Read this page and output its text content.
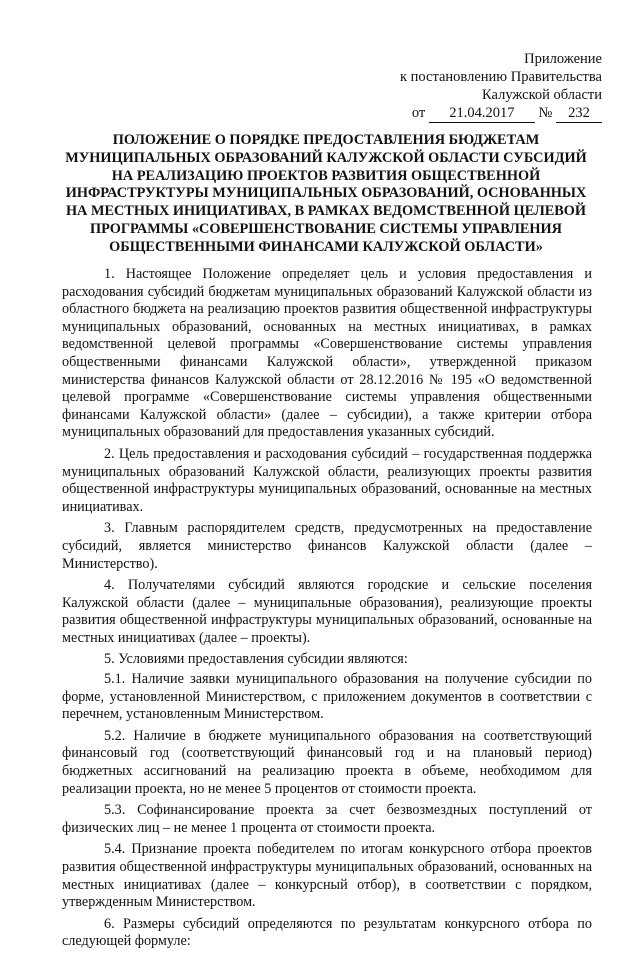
Приложение
к постановлению Правительства
Калужской области
от 21.04.2017 № 232
ПОЛОЖЕНИЕ О ПОРЯДКЕ ПРЕДОСТАВЛЕНИЯ БЮДЖЕТАМ
МУНИЦИПАЛЬНЫХ ОБРАЗОВАНИЙ КАЛУЖСКОЙ ОБЛАСТИ СУБСИДИЙ
НА РЕАЛИЗАЦИЮ ПРОЕКТОВ РАЗВИТИЯ ОБЩЕСТВЕННОЙ
ИНФРАСТРУКТУРЫ МУНИЦИПАЛЬНЫХ ОБРАЗОВАНИЙ, ОСНОВАННЫХ
НА МЕСТНЫХ ИНИЦИАТИВАХ, В РАМКАХ ВЕДОМСТВЕННОЙ ЦЕЛЕВОЙ
ПРОГРАММЫ «СОВЕРШЕНСТВОВАНИЕ СИСТЕМЫ УПРАВЛЕНИЯ
ОБЩЕСТВЕННЫМИ ФИНАНСАМИ КАЛУЖСКОЙ ОБЛАСТИ»

1. Настоящее Положение определяет цель и условия предоставления и расходования субсидий бюджетам муниципальных образований Калужской области из областного бюджета на реализацию проектов развития общественной инфраструктуры муниципальных образований, основанных на местных инициативах, в рамках ведомственной целевой программы «Совершенствование системы управления общественными финансами Калужской области», утвержденной приказом министерства финансов Калужской области от 28.12.2016 № 195 «О ведомственной целевой программе «Совершенствование системы управления общественными финансами Калужской области» (далее – субсидии), а также критерии отбора муниципальных образований для предоставления указанных субсидий.

2. Цель предоставления и расходования субсидий – государственная поддержка муниципальных образований Калужской области, реализующих проекты развития общественной инфраструктуры муниципальных образований, основанные на местных инициативах.

3. Главным распорядителем средств, предусмотренных на предоставление субсидий, является министерство финансов Калужской области (далее – Министерство).

4. Получателями субсидий являются городские и сельские поселения Калужской области (далее – муниципальные образования), реализующие проекты развития общественной инфраструктуры муниципальных образований, основанные на местных инициативах (далее – проекты).

5. Условиями предоставления субсидии являются:

5.1. Наличие заявки муниципального образования на получение субсидии по форме, установленной Министерством, с приложением документов в соответствии с перечнем, установленным Министерством.

5.2. Наличие в бюджете муниципального образования на соответствующий финансовый год (соответствующий финансовый год и на плановый период) бюджетных ассигнований на реализацию проекта в объеме, необходимом для реализации проекта, но не менее 5 процентов от стоимости проекта.

5.3. Софинансирование проекта за счет безвозмездных поступлений от физических лиц – не менее 1 процента от стоимости проекта.

5.4. Признание проекта победителем по итогам конкурсного отбора проектов развития общественной инфраструктуры муниципальных образований, основанных на местных инициативах (далее – конкурсный отбор), в соответствии с порядком, утвержденным Министерством.

6. Размеры субсидий определяются по результатам конкурсного отбора по следующей формуле:
